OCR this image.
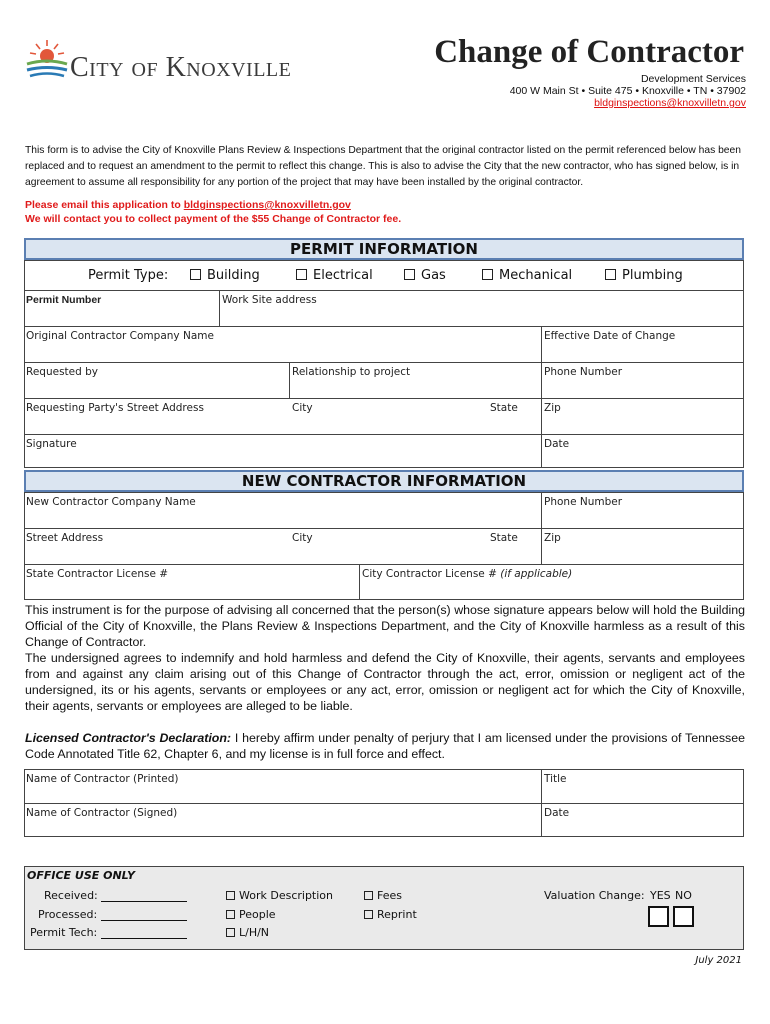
City of Knoxville	Change of Contractor
Development Services
400 W Main St • Suite 475 • Knoxville • TN • 37902
bldginspections@knoxvilletn.gov
This form is to advise the City of Knoxville Plans Review & Inspections Department that the original contractor listed on the permit referenced below has been replaced and to request an amendment to the permit to reflect this change. This is also to advise the City that the new contractor, who has signed below, is in agreement to assume all responsibility for any portion of the project that may have been installed by the original contractor.
Please email this application to bldginspections@knoxvilletn.gov
We will contact you to collect payment of the $55 Change of Contractor fee.
PERMIT INFORMATION
Permit Type:	Building	Electrical	Gas	Mechanical	Plumbing
Permit Number	Work Site address
Original Contractor Company Name	Effective Date of Change
Requested by	Relationship to project	Phone Number
Requesting Party's Street Address	City	State	Zip
Signature	Date
NEW CONTRACTOR INFORMATION
New Contractor Company Name	Phone Number
Street Address	City	State	Zip
State Contractor License #	City Contractor License # (if applicable)
This instrument is for the purpose of advising all concerned that the person(s) whose signature appears below will hold the Building Official of the City of Knoxville, the Plans Review & Inspections Department, and the City of Knoxville harmless as a result of this Change of Contractor.
The undersigned agrees to indemnify and hold harmless and defend the City of Knoxville, their agents, servants and employees from and against any claim arising out of this Change of Contractor through the act, error, omission or negligent act of the undersigned, its or his agents, servants or employees or any act, error, omission or negligent act for which the City of Knoxville, their agents, servants or employees are alleged to be liable.
Licensed Contractor's Declaration: I hereby affirm under penalty of perjury that I am licensed under the provisions of Tennessee Code Annotated Title 62, Chapter 6, and my license is in full force and effect.
Name of Contractor (Printed)	Title
Name of Contractor (Signed)	Date
OFFICE USE ONLY
Received:
Processed:
Permit Tech:
Work Description
People
L/H/N
Fees
Reprint
Valuation Change: YES NO
July 2021
